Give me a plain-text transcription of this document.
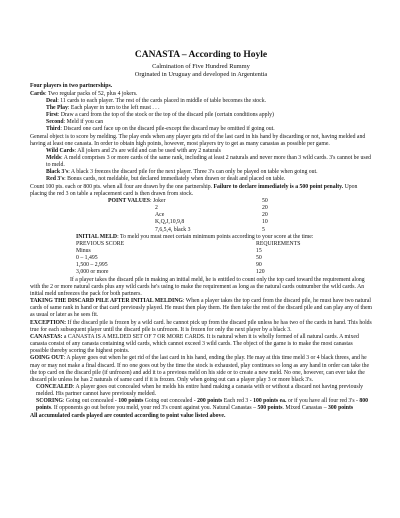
CANASTA – According to Hoyle
Calmination of Five Hundred Rummy
Orginated in Uruguay and developed in Argententia

Four players in two partnerships.

Cards: Two regular packs of 52, plus 4 jokers.

Deal: 11 cards to each player. The rest of the cards placed in middle of table becomes the stock.

The Play: Each player in turn to the left must . . .

First: Draw a card from the top of the stock or the top of the discard pile (certain conditions apply)

Second: Meld if you can

Third: Discard one card face up on the discard pile-except the discard may be omitted if going out.

General object is to score by melding. The play ends when any player gets rid of the last card in his hand by discarding or not, having melded and having at least one canasta. In order to obtain high points, however, most players try to get as many canastas as possible per game.

Wild Cards: All jokers and 2's are wild and can be used with any 2 naturals

Melds: A meld comprises 3 or more cards of the same rank, including at least 2 naturals and never more than 3 wild cards. 3's cannot be used to meld.

Black 3's: A black 3 freezes the discard pile for the next player. Three 3's can only be played on table when going out.

Red 3's: Bonus cards, not meldable, but declared immediately when drawn or dealt and placed on table.

Count 100 pts. each or 800 pts. when all four are drawn by the one partnership. Failure to declare immediately is a 500 point penalty. Upon placing the red 3 on table a replacement card is then drawn from stock.

POINT VALUES : Joker	50
2	20
Ace	20
K,Q,J,10,9,8	10
7,6,5,4, black 3	5

INITIAL MELD: To meld you must meet certain minimum points according to your score at the time:

PREVIOUS SCORE	REQUIREMENTS
Minus	15
0 – 1,495	50
1,500 – 2,995	90
3,000 or more	120

If a player takes the discard pile in making an initial meld, he is entitled to count only the top card toward the requirement along with the 2 or more natural cards plus any wild cards he's using to make the requirement as long as the natural cards outnumber the wild cards. An initial meld unfreezes the pack for both partners.

TAKING THE DISCARD PILE AFTER INITIAL MELDING: When a player takes the top card from the discard pile, he must have two natural cards of same rank in hand or that card previously played. He must then play them. He then take the rest of the discard pile and can play any of them as usual or later as he sees fit.

EXCEPTION: If the discard pile is frozen by a wild card. he cannot pick up from the discard pile unless he has two of the cards in hand. This holds true for each subsequent player until the discard pile is unfrozen. It is frozen for only the next player by a black 3.

CANASTAS: a CANASTA IS A MELDED SET OF 7 OR MORE CARDS. It is natural when it is wholly formed of all natural cards. A mixed canasta consist of any canasta containing wild cards, which cannot exceed 3 wild cards. The object of the game is to make the most canastas possible thereby scoring the highest points.

GOING OUT: A player goes out when he get rid of the last card in his hand, ending the play. He may at this time meld 3 or 4 black threes, and he may or may not make a final discard. If no one goes out by the time the stock is exhausted, play continues so long as any hand in order can take the the top card on the discard pile (if unfrozen) and add it to a previous meld on his side or to create a new meld. No one, however, can ever take the discard pile unless he has 2 naturals of same card if it is frozen. Only when going out can a player play 3 or more black 3's.

CONCEALED: A player goes out concealed when he melds his entire hand making a canasta with or without a discard not having previously melded. His partner cannot have previously melded.

SCORING: Going out concealed - 100 points Going out concealed - 200 points Each red 3 - 100 points ea. or if you have all four red 3's - 800 points. If opponents go out before you meld, your red 3's count against you. Natural Canastas – 500 points. Mixed Canastas – 300 points

All accumulated cards played are counted according to point value listed above.
